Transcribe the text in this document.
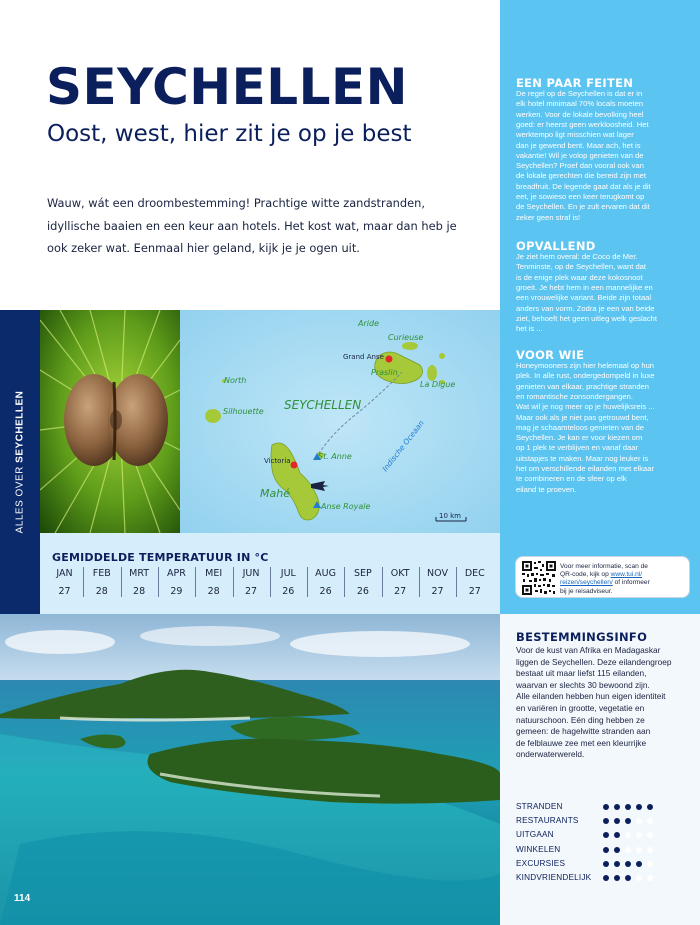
SEYCHELLEN
Oost, west, hier zit je op je best
Wauw, wát een droombestemming! Prachtige witte zandstranden, idyllische baaien en een keur aan hotels. Het kost wat, maar dan heb je ook zeker wat. Eenmaal hier geland, kijk je je ogen uit.
EEN PAAR FEITEN
De regel op de Seychellen is dat er in
elk hotel minimaal 70% locals moeten
werken. Voor de lokale bevolking heel
goed: er heerst geen werkloosheid. Het
werktempo ligt misschien wat lager
dan je gewend bent. Maar ach, het is
vakantie! Wil je volop genieten van de
Seychellen? Proef dan vooral ook van
de lokale gerechten die bereid zijn met
breadfruit. De legende gaat dat als je dit
eet, je sowieso een keer terugkomt op
de Seychellen. En je zult ervaren dat dit
zeker geen straf is!
OPVALLEND
Je ziet hem overal: de Coco de Mer.
Tenminste, op de Seychellen, want dat
is de enige plek waar deze kokosnoot
groeit. Je hebt hem in een mannelijke en
een vrouwelijke variant. Beide zijn totaal
anders van vorm. Zodra je een van beide
ziet, behoeft het geen uitleg welk geslacht
het is ...
VOOR WIE
Honeymooners zijn hier helemaal op hun
plek. In alle rust, ondergedompeld in luxe
genieten van elkaar, prachtige stranden
en romantische zonsondergangen.
Wat wil je nog meer op je huwelijksreis ...
Maar ook als je niet pas getrouwd bent,
mag je schaamteloos genieten van de
Seychellen. Je kan er voor kiezen om
op 1 plek te verblijven en vanaf daar
uitstapjes te maken. Maar nog leuker is
het om verschillende eilanden met elkaar
te combineren en de sfeer op elk
eiland te proeven.
Voor meer informatie, scan de
QR-code, kijk op www.tui.nl/
reizen/seychellen/ of informeer
bij je reisadviseur.
BESTEMMINGSINFO
Voor de kust van Afrika en Madagaskar
liggen de Seychellen. Deze eilandengroep
bestaat uit maar liefst 115 eilanden,
waarvan er slechts 30 bewoond zijn.
Alle eilanden hebben hun eigen identiteit
en variëren in grootte, vegetatie en
natuurschoon. Eén ding hebben ze
gemeen: de hagelwitte stranden aan
de felblauwe zee met een kleurrijke
onderwaterwereld.
STRANDEN
RESTAURANTS
UITGAAN
WINKELEN
EXCURSIES
KINDVRIENDELIJK
ALLES OVER SEYCHELLEN
Aride
Curieuse
Grand Anse
Praslin
La Digue
North
Silhouette SEYCHELLEN
Victoria	St. Anne
Mahé
Anse Royale
Indische Oceaan
10 km
GEMIDDELDE TEMPERATUUR IN °C
JAN
27
FEB
28
MRT
28
APR
29
MEI
28
JUN
27
JUL
26
AUG
26
SEP
26
OKT
27
NOV
27
DEC
27
114
